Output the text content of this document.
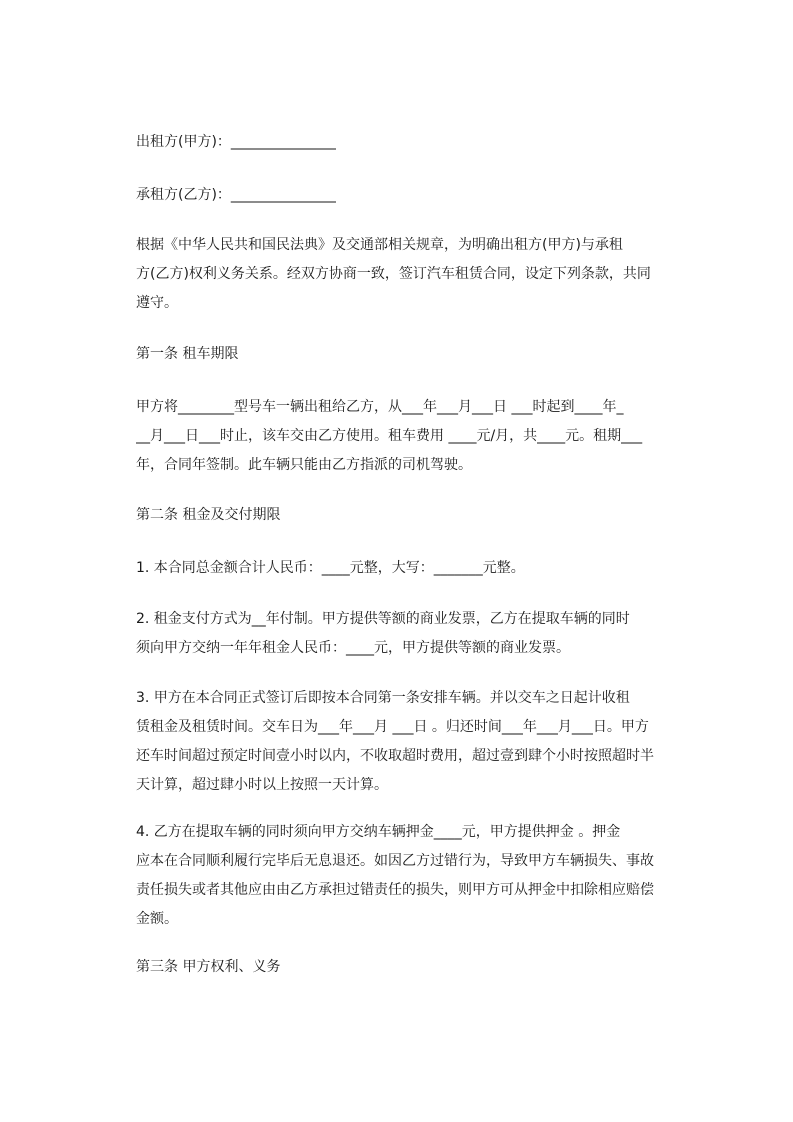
出租方(甲方)：_______________
承租方(乙方)：_______________
根据《中华人民共和国民法典》及交通部相关规章，为明确出租方(甲方)与承租
方(乙方)权利义务关系。经双方协商一致，签订汽车租赁合同，设定下列条款，共同
遵守。
第一条 租车期限
甲方将________型号车一辆出租给乙方，从___年___月___日 ___时起到____年_
__月___日___时止，该车交由乙方使用。租车费用 ____元/月，共____元。租期___
年，合同年签制。此车辆只能由乙方指派的司机驾驶。
第二条 租金及交付期限
1. 本合同总金额合计人民币：____元整，大写：_______元整。
2. 租金支付方式为__年付制。甲方提供等额的商业发票，乙方在提取车辆的同时
须向甲方交纳一年年租金人民币：____元，甲方提供等额的商业发票。
3. 甲方在本合同正式签订后即按本合同第一条安排车辆。并以交车之日起计收租
赁租金及租赁时间。交车日为___年___月 ___日 。归还时间___年___月___日。甲方
还车时间超过预定时间壹小时以内，不收取超时费用，超过壹到肆个小时按照超时半
天计算，超过肆小时以上按照一天计算。
4. 乙方在提取车辆的同时须向甲方交纳车辆押金____元，甲方提供押金 。押金
应本在合同顺利履行完毕后无息退还。如因乙方过错行为，导致甲方车辆损失、事故
责任损失或者其他应由由乙方承担过错责任的损失，则甲方可从押金中扣除相应赔偿
金额。
第三条 甲方权利、义务
